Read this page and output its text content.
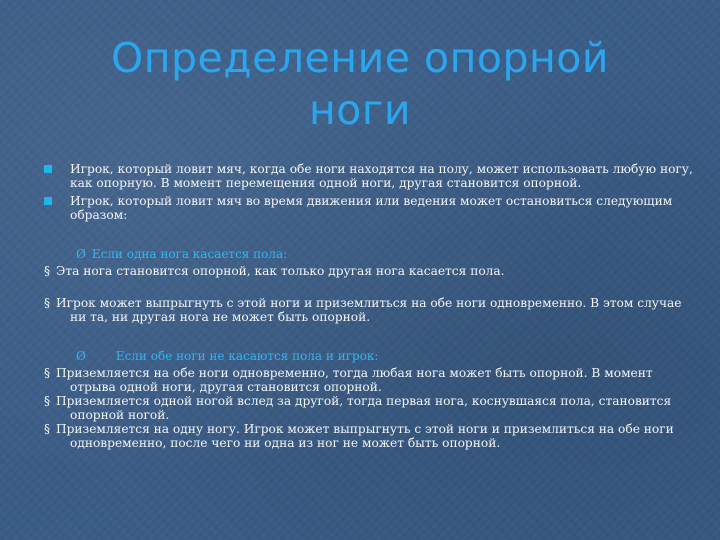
Определение опорной ноги
Игрок, который ловит мяч, когда обе ноги находятся на полу, может использовать любую ногу, как опорную. В момент перемещения одной ноги, другая становится опорной.
Игрок, который ловит мяч во время движения или ведения может остановиться следующим образом:
Ø Если одна нога касается пола:
§ Эта нога становится опорной, как только другая нога касается пола.
§ Игрок может выпрыгнуть с этой ноги и приземлиться на обе ноги одновременно. В этом случае ни та, ни другая нога не может быть опорной.
Ø Если обе ноги не касаются пола и игрок:
§ Приземляется на обе ноги одновременно, тогда любая нога может быть опорной. В момент отрыва одной ноги, другая становится опорной.
§ Приземляется одной ногой вслед за другой, тогда первая нога, коснувшаяся пола, становится опорной ногой.
§ Приземляется на одну ногу. Игрок может выпрыгнуть с этой ноги и приземлиться на обе ноги одновременно, после чего ни одна из ног не может быть опорной.
